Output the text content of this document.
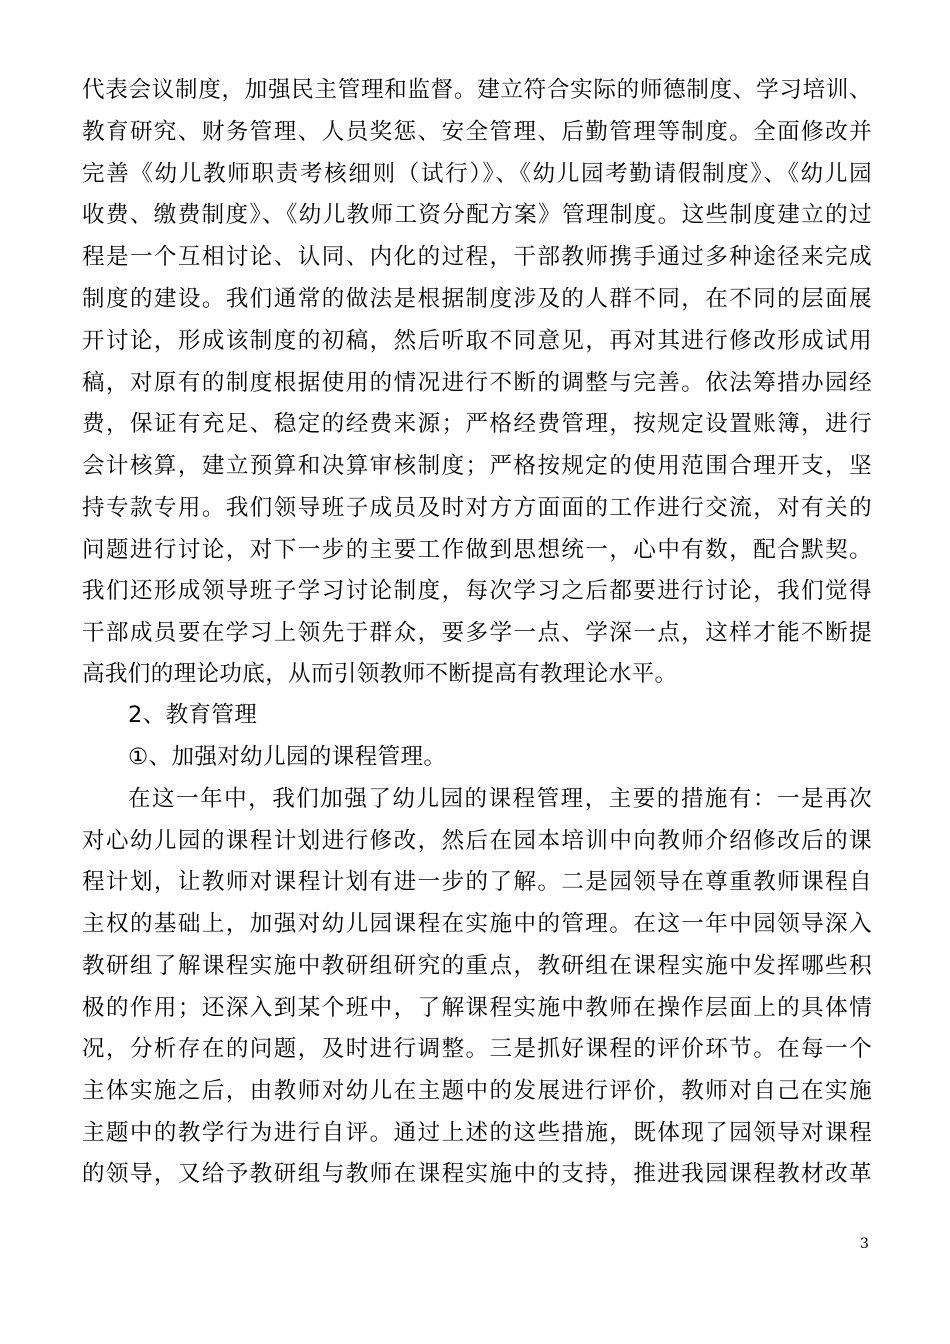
代表会议制度，加强民主管理和监督。建立符合实际的师德制度、学习培训、
教育研究、财务管理、人员奖惩、安全管理、后勤管理等制度。全面修改并
完善《幼儿教师职责考核细则（试行）》、《幼儿园考勤请假制度》、《幼儿园
收费、缴费制度》、《幼儿教师工资分配方案》管理制度。这些制度建立的过
程是一个互相讨论、认同、内化的过程，干部教师携手通过多种途径来完成
制度的建设。我们通常的做法是根据制度涉及的人群不同，在不同的层面展
开讨论，形成该制度的初稿，然后听取不同意见，再对其进行修改形成试用
稿，对原有的制度根据使用的情况进行不断的调整与完善。依法筹措办园经
费，保证有充足、稳定的经费来源；严格经费管理，按规定设置账簿，进行
会计核算，建立预算和决算审核制度；严格按规定的使用范围合理开支，坚
持专款专用。我们领导班子成员及时对方方面面的工作进行交流，对有关的
问题进行讨论，对下一步的主要工作做到思想统一，心中有数，配合默契。
我们还形成领导班子学习讨论制度，每次学习之后都要进行讨论，我们觉得
干部成员要在学习上领先于群众，要多学一点、学深一点，这样才能不断提
高我们的理论功底，从而引领教师不断提高有教理论水平。
2、教育管理
①、加强对幼儿园的课程管理。
在这一年中，我们加强了幼儿园的课程管理，主要的措施有：一是再次
对心幼儿园的课程计划进行修改，然后在园本培训中向教师介绍修改后的课
程计划，让教师对课程计划有进一步的了解。二是园领导在尊重教师课程自
主权的基础上，加强对幼儿园课程在实施中的管理。在这一年中园领导深入
教研组了解课程实施中教研组研究的重点，教研组在课程实施中发挥哪些积
极的作用；还深入到某个班中，了解课程实施中教师在操作层面上的具体情
况，分析存在的问题，及时进行调整。三是抓好课程的评价环节。在每一个
主体实施之后，由教师对幼儿在主题中的发展进行评价，教师对自己在实施
主题中的教学行为进行自评。通过上述的这些措施，既体现了园领导对课程
的领导，又给予教研组与教师在课程实施中的支持，推进我园课程教材改革
3
